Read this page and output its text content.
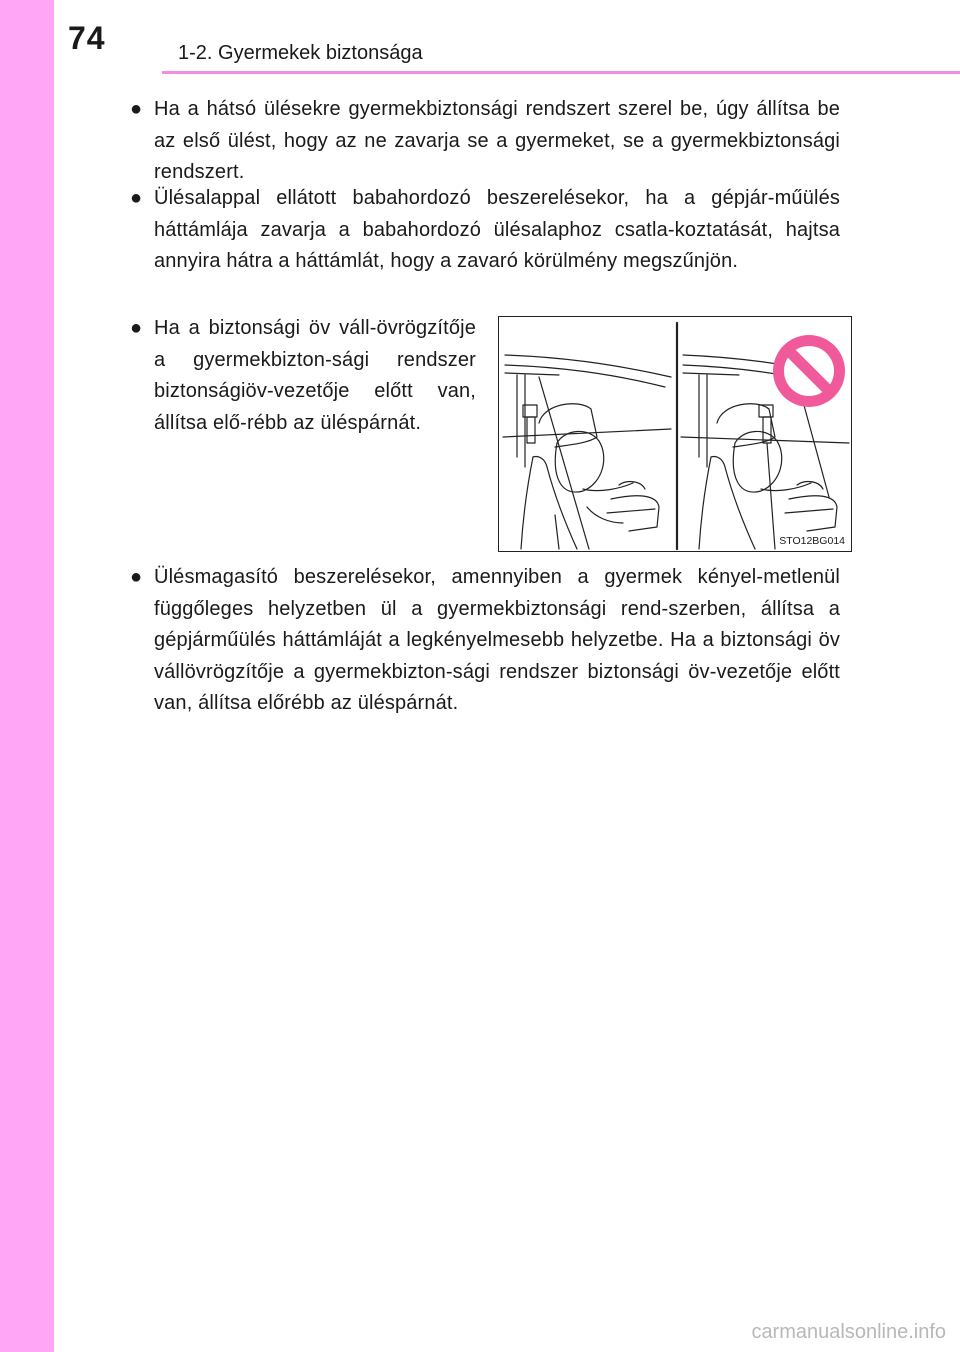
74	1-2. Gyermekek biztonsága
● Ha a hátsó ülésekre gyermekbiztonsági rendszert szerel be, úgy állítsa be az első ülést, hogy az ne zavarja se a gyermeket, se a gyermekbiztonsági rendszert.
● Ülésalappal ellátott babahordozó beszerelésekor, ha a gépjár-műülés háttámlája zavarja a babahordozó ülésalaphoz csatla-koztatását, hajtsa annyira hátra a háttámlát, hogy a zavaró körülmény megszűnjön.
● Ha a biztonsági öv váll-övrögzítője a gyermekbizton-sági rendszer biztonságiöv-vezetője előtt van, állítsa elő-rébb az üléspárnát.
STO12BG014
● Ülésmagasító beszerelésekor, amennyiben a gyermek kényel-metlenül függőleges helyzetben ül a gyermekbiztonsági rend-szerben, állítsa a gépjárműülés háttámláját a legkényelmesebb helyzetbe. Ha a biztonsági öv vállövrögzítője a gyermekbizton-sági rendszer biztonsági öv-vezetője előtt van, állítsa előrébb az üléspárnát.
carmanualsonline.info
